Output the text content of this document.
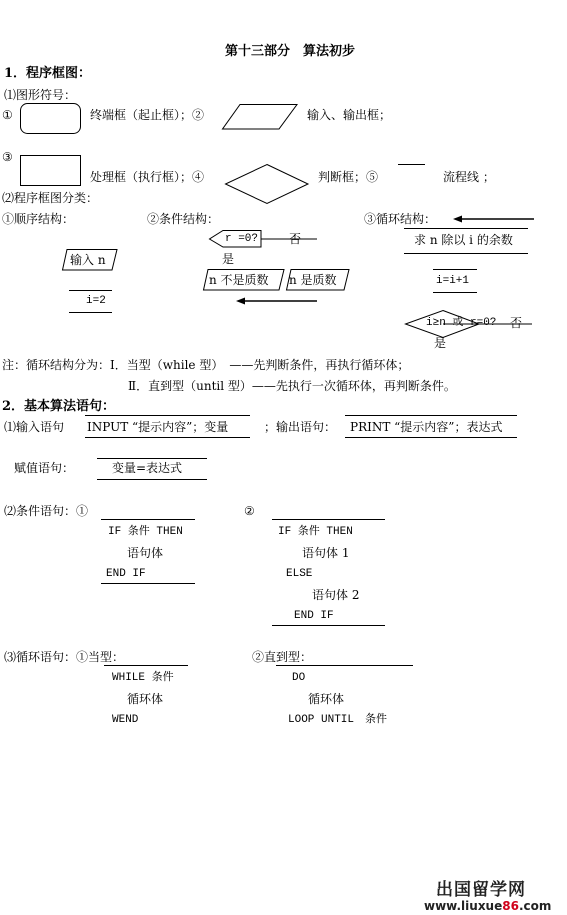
第十三部分　算法初步
1．程序框图：
⑴图形符号：
①	终端框（起止框）；②	输入、输出框；
③
处理框（执行框）；④	判断框；⑤	流程线 ；
⑵程序框图分类：
①顺序结构：	②条件结构：	③循环结构：
输入 n
i=2
r =0?	否
是
n 不是质数 n 是质数
求 n 除以 i 的余数
i=i+1
i≥n 或 r=0? 否
是
注：循环结构分为：Ⅰ．当型（while 型）　——先判断条件，再执行循环体；
Ⅱ．直到型（until 型）——先执行一次循环体，再判断条件。
2．基本算法语句：
⑴输入语句 INPUT “提示内容”；变量	；输出语句： PRINT “提示内容”；表达式
赋值语句：	变量=表达式
⑵条件语句：①	②
IF 条件 THEN
语句体
END IF
IF 条件 THEN
语句体 1
ELSE
语句体 2
END IF
⑶循环语句：①当型：	②直到型：
WHILE 条件
循环体
WEND
DO
循环体
LOOP UNTIL　条件
出国留学网
www.liuxue86.com
